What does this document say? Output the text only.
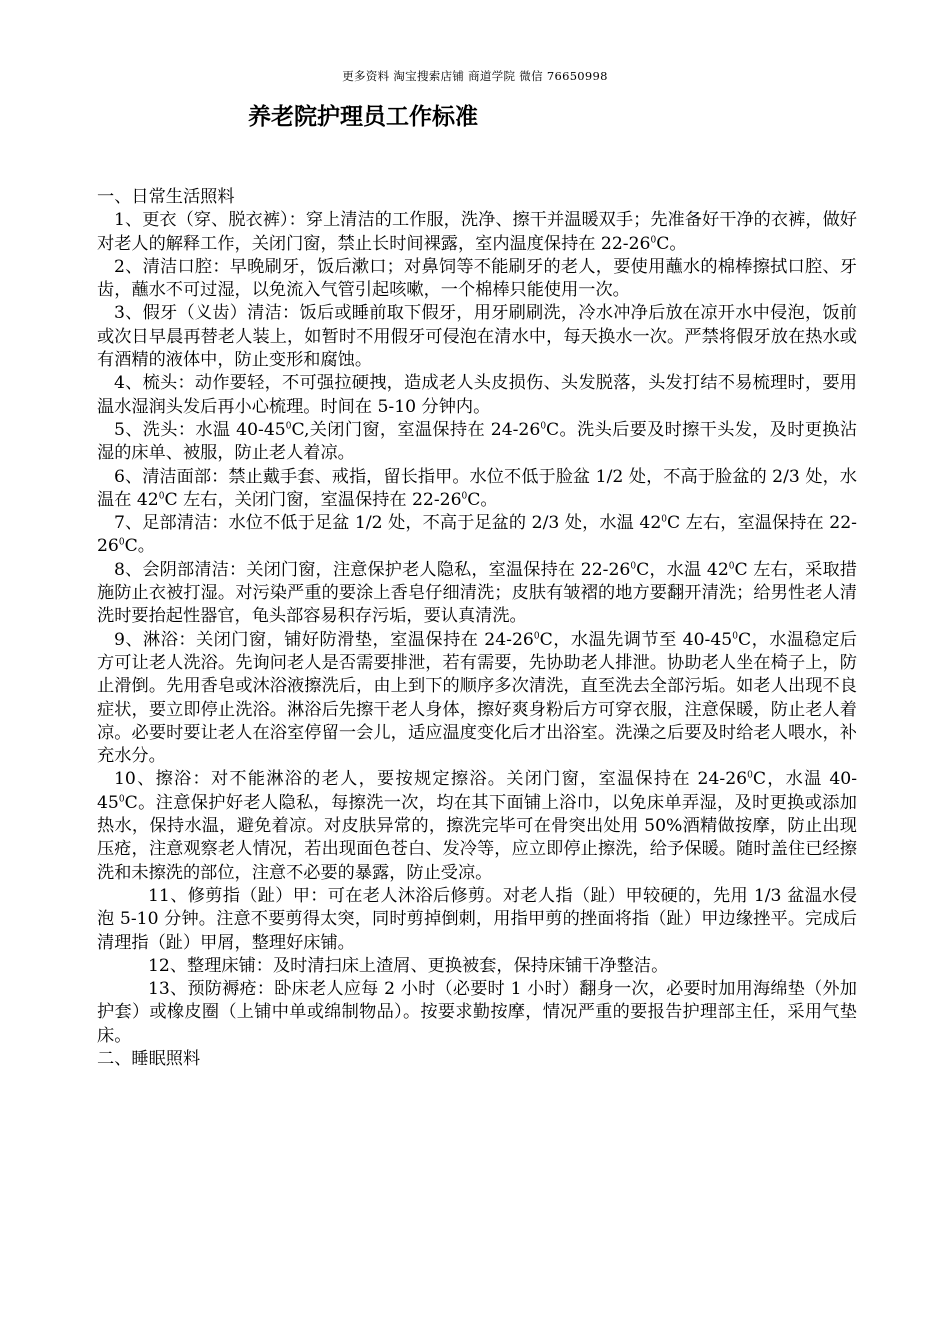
更多资料 淘宝搜索店铺 商道学院 微信 76650998
养老院护理员工作标准

一、日常生活照料

1、更衣（穿、脱衣裤）：穿上清洁的工作服，洗净、擦干并温暖双手；先准备好干净的衣裤，做好对老人的解释工作，关闭门窗，禁止长时间裸露，室内温度保持在 $22-26^0C$。

2、清洁口腔：早晚刷牙，饭后漱口；对鼻饲等不能刷牙的老人，要使用蘸水的棉棒擦拭口腔、牙齿，蘸水不可过湿，以免流入气管引起咳嗽，一个棉棒只能使用一次。

3、假牙（义齿）清洁：饭后或睡前取下假牙，用牙刷刷洗，冷水冲净后放在凉开水中侵泡，饭前或次日早晨再替老人装上，如暂时不用假牙可侵泡在清水中，每天换水一次。严禁将假牙放在热水或有酒精的液体中，防止变形和腐蚀。

4、梳头：动作要轻，不可强拉硬拽，造成老人头皮损伤、头发脱落，头发打结不易梳理时，要用温水湿润头发后再小心梳理。时间在 5-10 分钟内。

5、洗头：水温 $40-45^0C$,关闭门窗，室温保持在 $24-26^0C$。洗头后要及时擦干头发，及时更换沾湿的床单、被服，防止老人着凉。

6、清洁面部：禁止戴手套、戒指，留长指甲。水位不低于脸盆 1/2 处，不高于脸盆的 2/3 处，水温在 $42^0C$ 左右，关闭门窗，室温保持在 $22-26^0C$。

7、足部清洁：水位不低于足盆 1/2 处，不高于足盆的 2/3 处，水温 $42^0C$ 左右，室温保持在 $22-26^0C$。

8、会阴部清洁：关闭门窗，注意保护老人隐私，室温保持在 $22-26^0C$，水温 $42^0C$ 左右，采取措施防止衣被打湿。对污染严重的要涂上香皂仔细清洗；皮肤有皱褶的地方要翻开清洗；给男性老人清洗时要抬起性器官，龟头部容易积存污垢，要认真清洗。

9、淋浴：关闭门窗，铺好防滑垫，室温保持在 $24-26^0C$，水温先调节至 $40-45^0C$，水温稳定后方可让老人洗浴。先询问老人是否需要排泄，若有需要，先协助老人排泄。协助老人坐在椅子上，防止滑倒。先用香皂或沐浴液擦洗后，由上到下的顺序多次清洗，直至洗去全部污垢。如老人出现不良症状，要立即停止洗浴。淋浴后先擦干老人身体，擦好爽身粉后方可穿衣服，注意保暖，防止老人着凉。必要时要让老人在浴室停留一会儿，适应温度变化后才出浴室。洗澡之后要及时给老人喂水，补充水分。

10、擦浴：对不能淋浴的老人，要按规定擦浴。关闭门窗，室温保持在 $24-26^0C$，水温 $40-45^0C$。注意保护好老人隐私，每擦洗一次，均在其下面铺上浴巾，以免床单弄湿，及时更换或添加热水，保持水温，避免着凉。对皮肤异常的，擦洗完毕可在骨突出处用 50%酒精做按摩，防止出现压疮，注意观察老人情况，若出现面色苍白、发冷等，应立即停止擦洗，给予保暖。随时盖住已经擦洗和未擦洗的部位，注意不必要的暴露，防止受凉。

11、修剪指（趾）甲：可在老人沐浴后修剪。对老人指（趾）甲较硬的，先用 1/3 盆温水侵泡 5-10 分钟。注意不要剪得太突，同时剪掉倒刺，用指甲剪的挫面将指（趾）甲边缘挫平。完成后清理指（趾）甲屑，整理好床铺。

12、整理床铺：及时清扫床上渣屑、更换被套，保持床铺干净整洁。

13、预防褥疮：卧床老人应每 2 小时（必要时 1 小时）翻身一次，必要时加用海绵垫（外加护套）或橡皮圈（上铺中单或绵制物品）。按要求勤按摩，情况严重的要报告护理部主任，采用气垫床。

二、睡眠照料
